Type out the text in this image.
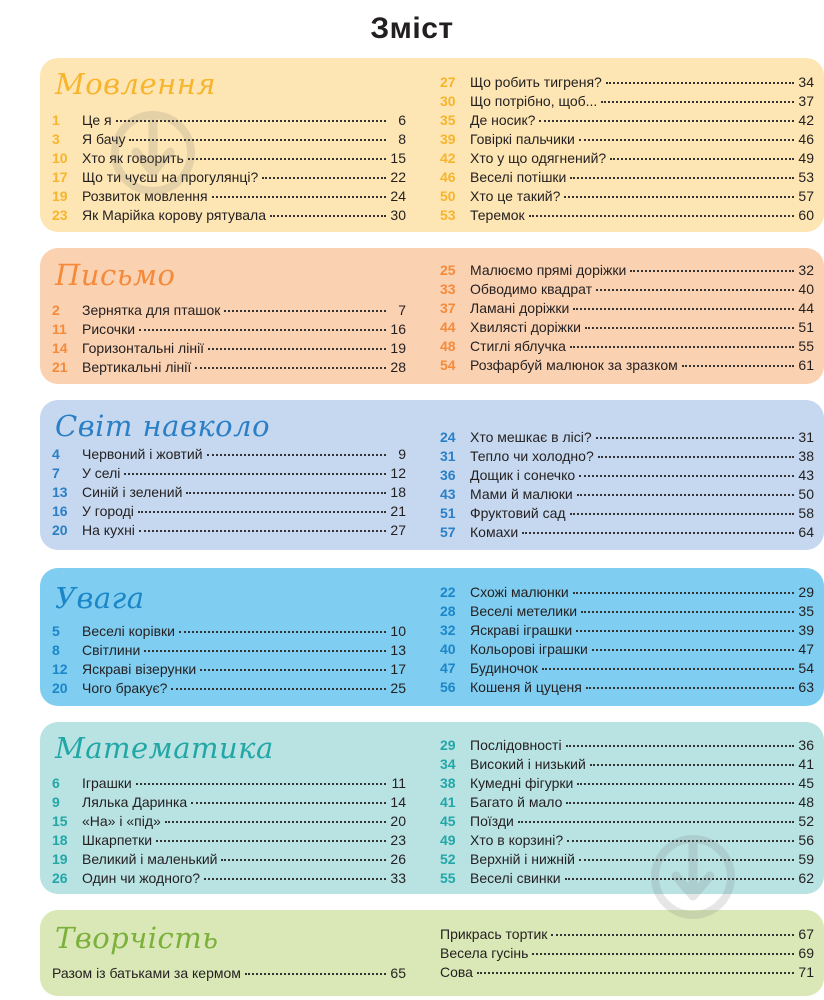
Зміст
Мовлення
1	Це я	6
3	Я бачу	8
10	Хто як говорить	15
17	Що ти чуєш на прогулянці?	22
19	Розвиток мовлення	24
23	Як Марійка корову рятувала	30
27	Що робить тигреня?	34
30	Що потрібно, щоб...	37
35	Де носик?	42
39	Говіркі пальчики	46
42	Хто у що одягнений?	49
46	Веселі потішки	53
50	Хто це такий?	57
53	Теремок	60
Письмо
2	Зернятка для пташок	7
11	Рисочки	16
14	Горизонтальні лінії	19
21	Вертикальні лінії	28
25	Малюємо прямі доріжки	32
33	Обводимо квадрат	40
37	Ламані доріжки	44
44	Хвилясті доріжки	51
48	Стиглі яблучка	55
54	Розфарбуй малюнок за зразком	61
Світ навколо
4	Червоний і жовтий	9
7	У селі	12
13	Синій і зелений	18
16	У городі	21
20	На кухні	27
24	Хто мешкає в лісі?	31
31	Тепло чи холодно?	38
36	Дощик і сонечко	43
43	Мами й малюки	50
51	Фруктовий сад	58
57	Комахи	64
Увага
5	Веселі корівки	10
8	Світлини	13
12	Яскраві візерунки	17
20	Чого бракує?	25
22	Схожі малюнки	29
28	Веселі метелики	35
32	Яскраві іграшки	39
40	Кольорові іграшки	47
47	Будиночок	54
56	Кошеня й цуценя	63
Математика
6	Іграшки	11
9	Лялька Даринка	14
15	«На» і «під»	20
18	Шкарпетки	23
19	Великий і маленький	26
26	Один чи жодного?	33
29	Послідовності	36
34	Високий і низький	41
38	Кумедні фігурки	45
41	Багато й мало	48
45	Поїзди	52
49	Хто в корзині?	56
52	Верхній і нижній	59
55	Веселі свинки	62
Творчість
Разом із батьками за кермом	65
Прикрась тортик	67
Весела гусінь	69
Сова	71
